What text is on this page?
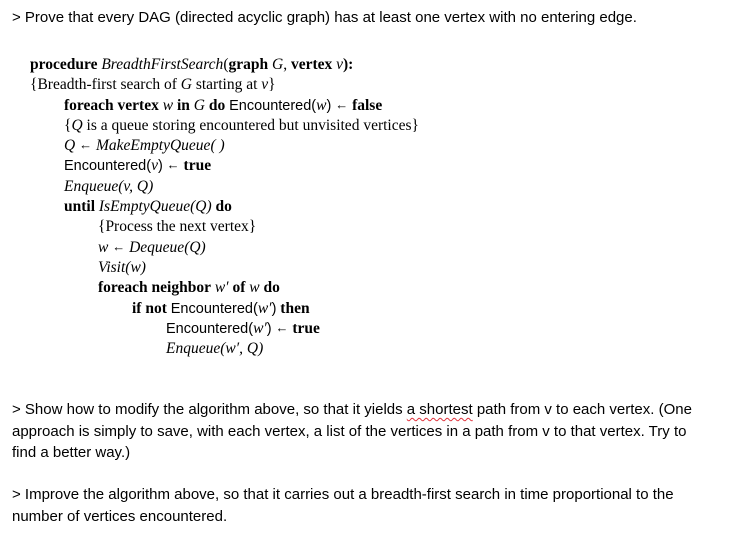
> Prove that every DAG (directed acyclic graph) has at least one vertex with no entering edge.
procedure BreadthFirstSearch(graph G, vertex v):
{Breadth-first search of G starting at v}
foreach vertex w in G do Encountered(w) ← false
{Q is a queue storing encountered but unvisited vertices}
Q ← MakeEmptyQueue( )
Encountered(v) ← true
Enqueue(v, Q)
until IsEmptyQueue(Q) do
{Process the next vertex}
w ← Dequeue(Q)
Visit(w)
foreach neighbor w′ of w do
if not Encountered(w′) then
Encountered(w′) ← true
Enqueue(w′, Q)
> Show how to modify the algorithm above, so that it yields a shortest path from v to each vertex. (One approach is simply to save, with each vertex, a list of the vertices in a path from v to that vertex. Try to find a better way.)
> Improve the algorithm above, so that it carries out a breadth-first search in time proportional to the number of vertices encountered.
